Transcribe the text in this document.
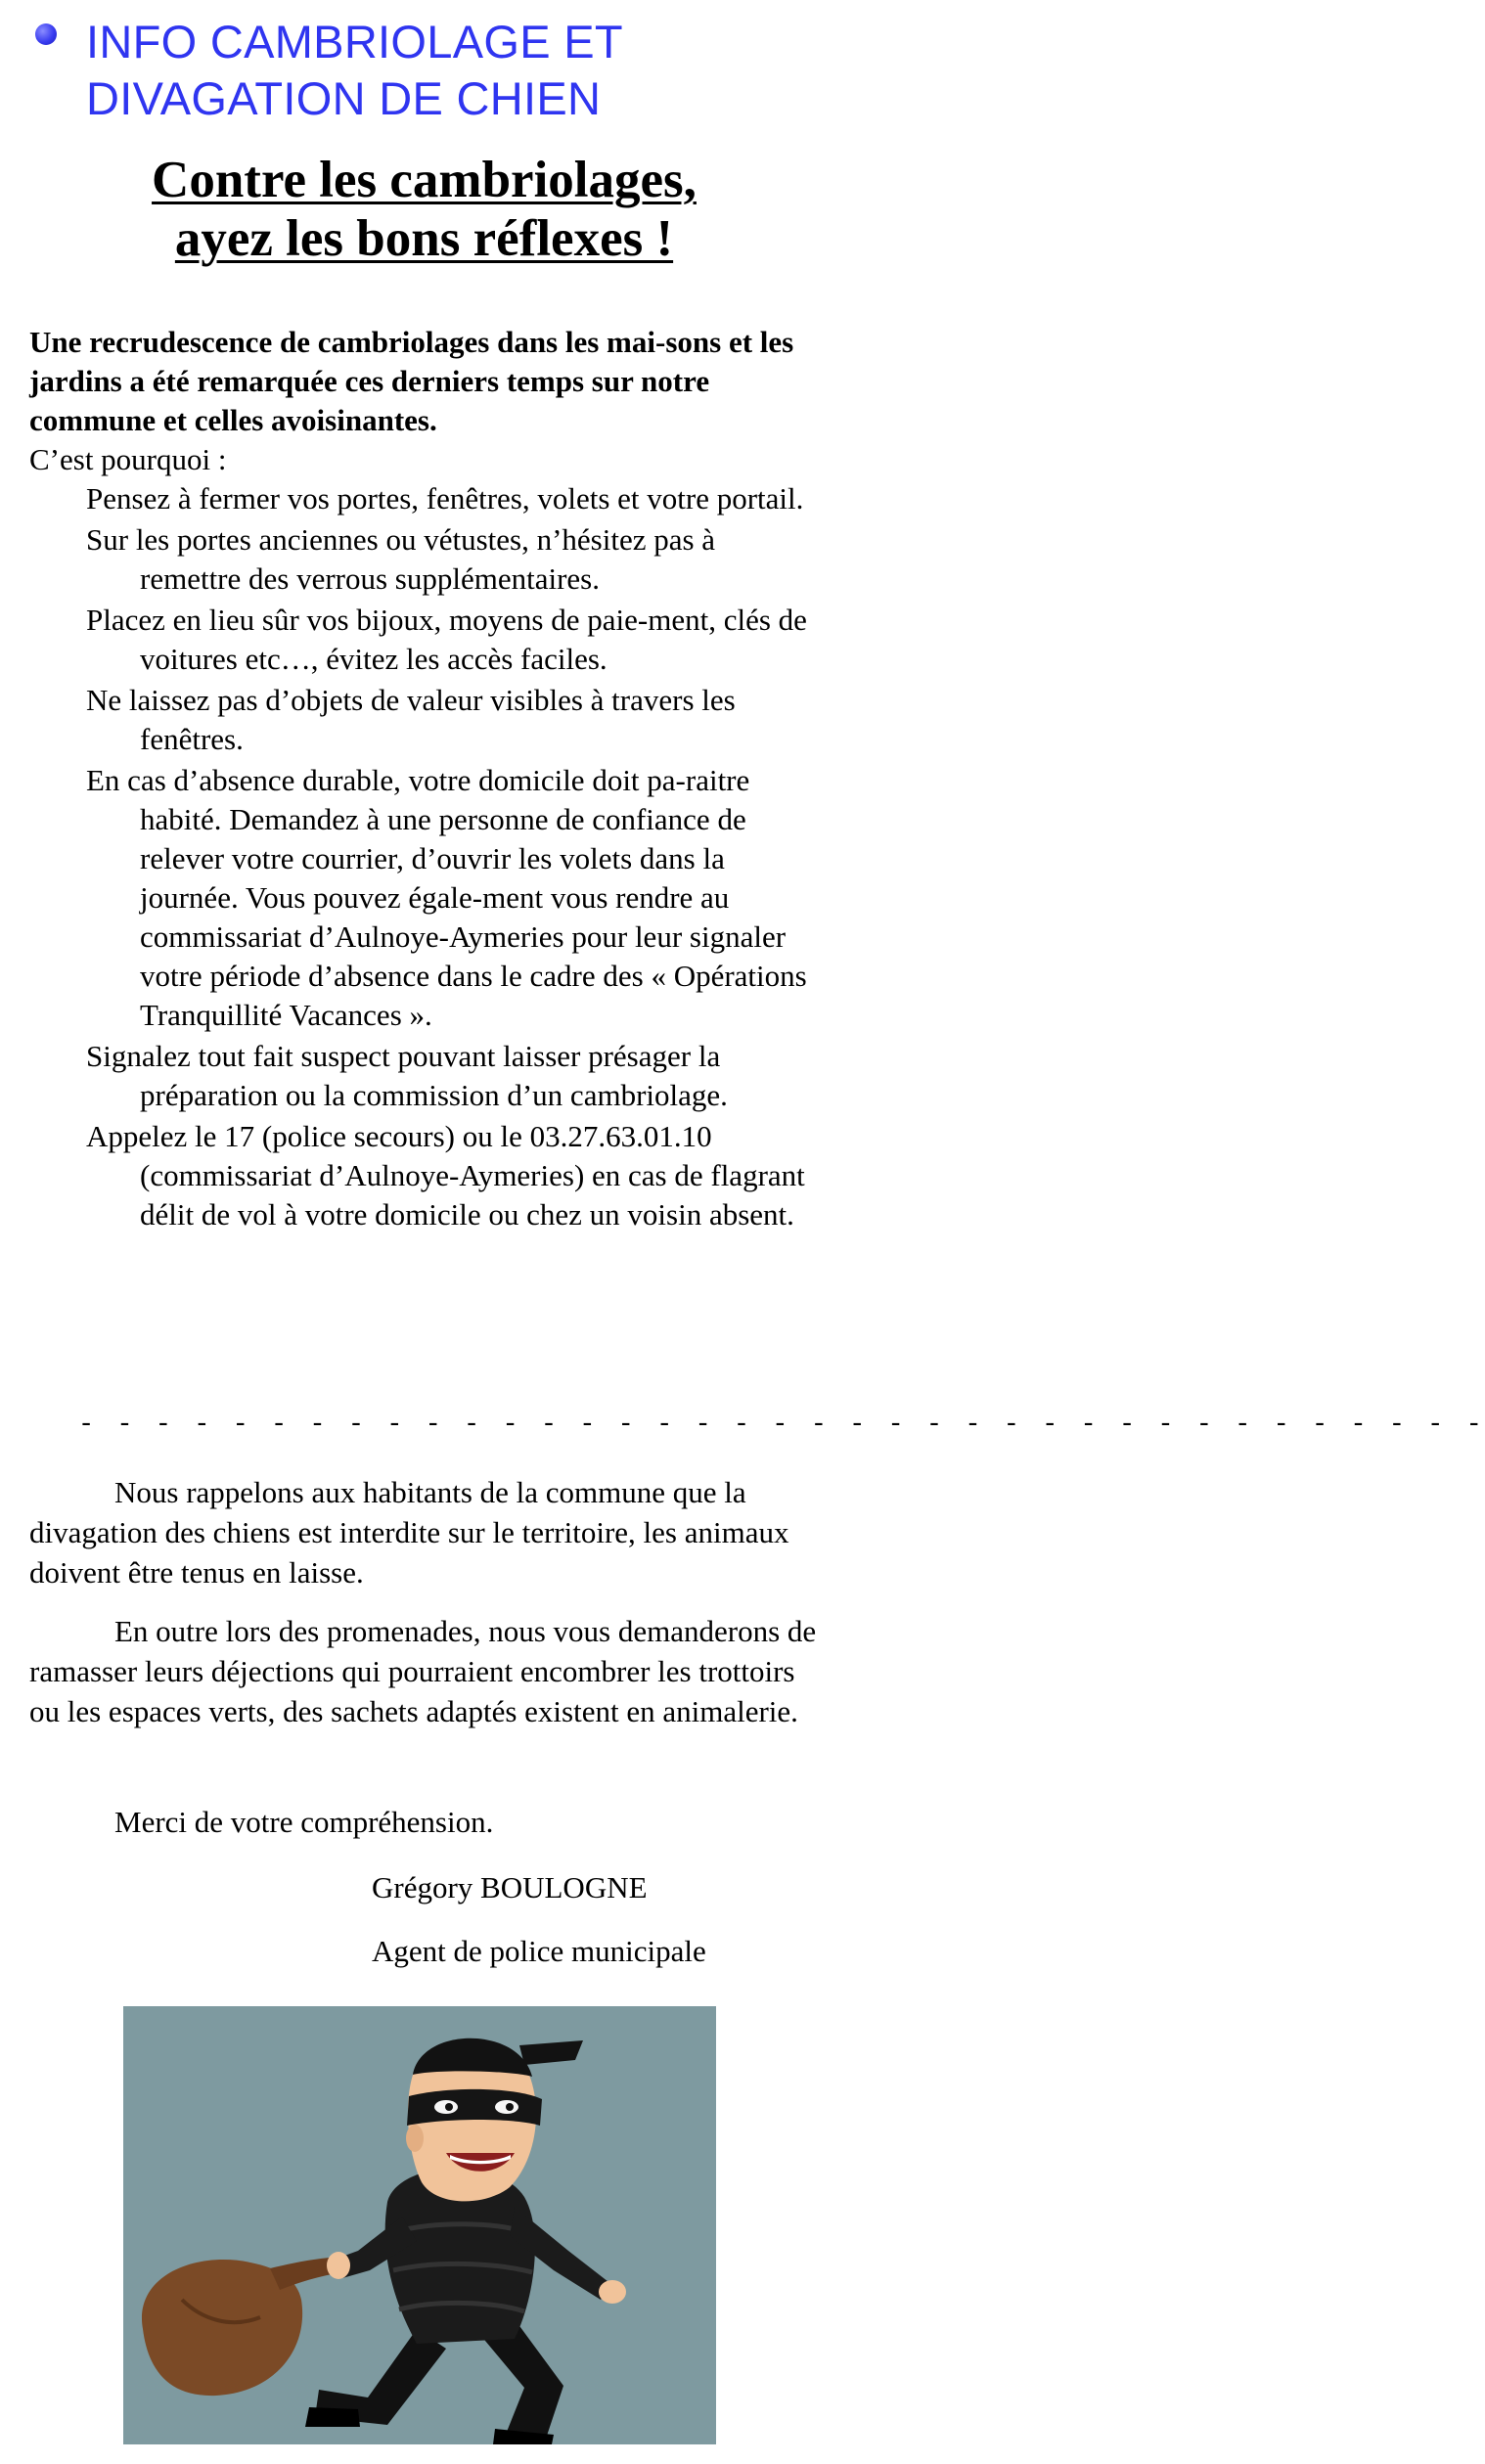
INFO CAMBRIOLAGE ET
DIVAGATION DE CHIEN
Contre les cambriolages,
ayez les bons réflexes !

Une recrudescence de cambriolages dans les mai-sons et les jardins a été remarquée ces derniers temps sur notre commune et celles avoisinantes.

C’est pourquoi :

Pensez à fermer vos portes, fenêtres, volets et votre portail.
Sur les portes anciennes ou vétustes, n’hésitez pas à remettre des verrous supplémentaires.
Placez en lieu sûr vos bijoux, moyens de paie-ment, clés de voitures etc…, évitez les accès faciles.
Ne laissez pas d’objets de valeur visibles à travers les fenêtres.
En cas d’absence durable, votre domicile doit pa-raitre habité. Demandez à une personne de confiance de relever votre courrier, d’ouvrir les volets dans la journée. Vous pouvez égale-ment vous rendre au commissariat d’Aulnoye-Aymeries pour leur signaler votre période d’absence dans le cadre des « Opérations Tranquillité Vacances ».
Signalez tout fait suspect pouvant laisser présager la préparation ou la commission d’un cambriolage.
Appelez le 17 (police secours) ou le 03.27.63.01.10 (commissariat d’Aulnoye-Aymeries) en cas de flagrant délit de vol à votre domicile ou chez un voisin absent.
- - - - - - - - - - - - - - - - - - - - - - - - - - - - - - - - - - - - -

Nous rappelons aux habitants de la commune que la divagation des chiens est interdite sur le territoire, les animaux doivent être tenus en laisse.

En outre lors des promenades, nous vous demanderons de ramasser leurs déjections qui pourraient encombrer les trottoirs ou les espaces verts, des sachets adaptés existent en animalerie.

Merci de votre compréhension.
Grégory BOULOGNE
Agent de police municipale
